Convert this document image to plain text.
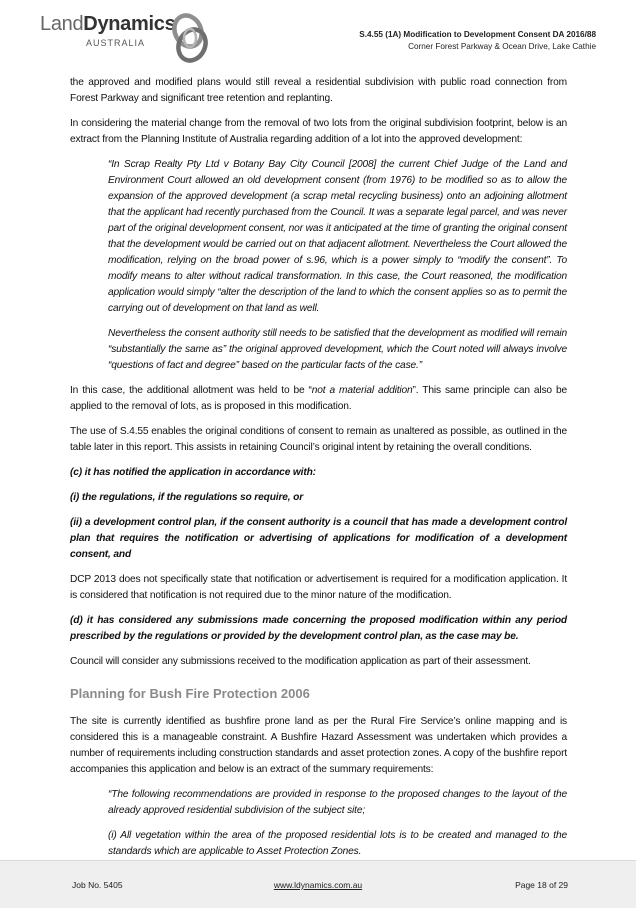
LandDynamics
AUSTRALIA
S.4.55 (1A) Modification to Development Consent DA 2016/88
Corner Forest Parkway & Ocean Drive, Lake Cathie

the approved and modified plans would still reveal a residential subdivision with public road connection from Forest Parkway and significant tree retention and replanting.

In considering the material change from the removal of two lots from the original subdivision footprint, below is an extract from the Planning Institute of Australia regarding addition of a lot into the approved development:

“In Scrap Realty Pty Ltd v Botany Bay City Council [2008] the current Chief Judge of the Land and Environment Court allowed an old development consent (from 1976) to be modified so as to allow the expansion of the approved development (a scrap metal recycling business) onto an adjoining allotment that the applicant had recently purchased from the Council. It was a separate legal parcel, and was never part of the original development consent, nor was it anticipated at the time of granting the original consent that the development would be carried out on that adjacent allotment. Nevertheless the Court allowed the modification, relying on the broad power of s.96, which is a power simply to “modify the consent”. To modify means to alter without radical transformation. In this case, the Court reasoned, the modification application would simply “alter the description of the land to which the consent applies so as to permit the carrying out of development on that land as well.

Nevertheless the consent authority still needs to be satisfied that the development as modified will remain “substantially the same as” the original approved development, which the Court noted will always involve “questions of fact and degree” based on the particular facts of the case.”

In this case, the additional allotment was held to be “not a material addition”. This same principle can also be applied to the removal of lots, as is proposed in this modification.

The use of S.4.55 enables the original conditions of consent to remain as unaltered as possible, as outlined in the table later in this report. This assists in retaining Council’s original intent by retaining the overall conditions.

(c) it has notified the application in accordance with:

(i) the regulations, if the regulations so require, or

(ii) a development control plan, if the consent authority is a council that has made a development control plan that requires the notification or advertising of applications for modification of a development consent, and

DCP 2013 does not specifically state that notification or advertisement is required for a modification application. It is considered that notification is not required due to the minor nature of the modification.

(d) it has considered any submissions made concerning the proposed modification within any period prescribed by the regulations or provided by the development control plan, as the case may be.

Council will consider any submissions received to the modification application as part of their assessment.

Planning for Bush Fire Protection 2006

The site is currently identified as bushfire prone land as per the Rural Fire Service’s online mapping and is considered this is a manageable constraint. A Bushfire Hazard Assessment was undertaken which provides a number of requirements including construction standards and asset protection zones. A copy of the bushfire report accompanies this application and below is an extract of the summary requirements:

“The following recommendations are provided in response to the proposed changes to the layout of the already approved residential subdivision of the subject site;

(i) All vegetation within the area of the proposed residential lots is to be created and managed to the standards which are applicable to Asset Protection Zones.

Job No. 5405	www.ldynamics.com.au	Page 18 of 29
